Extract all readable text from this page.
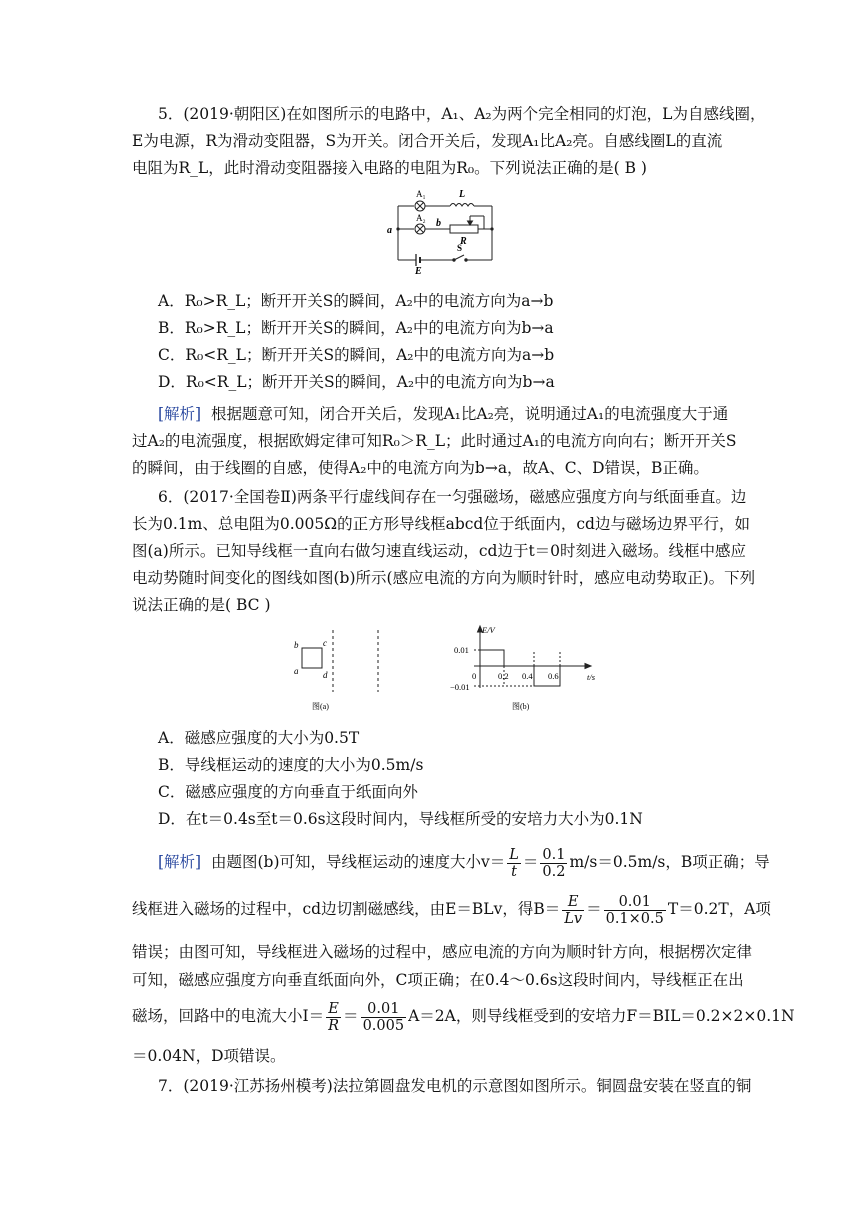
5．(2019·朝阳区)在如图所示的电路中，A₁、A₂为两个完全相同的灯泡，L为自感线圈，
E为电源，R为滑动变阻器，S为开关。闭合开关后，发现A₁比A₂亮。自感线圈L的直流
电阻为R_L，此时滑动变阻器接入电路的电阻为R₀。下列说法正确的是( B )
A₁	L
A₂ b
a
R
E
S
A．R₀>R_L；断开开关S的瞬间，A₂中的电流方向为a→b
B．R₀>R_L；断开开关S的瞬间，A₂中的电流方向为b→a
C．R₀<R_L；断开开关S的瞬间，A₂中的电流方向为a→b
D．R₀<R_L；断开开关S的瞬间，A₂中的电流方向为b→a
[解析] 根据题意可知，闭合开关后，发现A₁比A₂亮，说明通过A₁的电流强度大于通
过A₂的电流强度，根据欧姆定律可知R₀＞R_L；此时通过A₁的电流方向向右；断开开关S
的瞬间，由于线圈的自感，使得A₂中的电流方向为b→a，故A、C、D错误，B正确。
6．(2017·全国卷Ⅱ)两条平行虚线间存在一匀强磁场，磁感应强度方向与纸面垂直。边
长为0.1m、总电阻为0.005Ω的正方形导线框abcd位于纸面内，cd边与磁场边界平行，如
图(a)所示。已知导线框一直向右做匀速直线运动，cd边于t＝0时刻进入磁场。线框中感应
电动势随时间变化的图线如图(b)所示(感应电流的方向为顺时针时，感应电动势取正)。下列
说法正确的是( BC )
b	c
a	d
图(a)
E/V
t/s
0.01
−0.01
0	0.2 0.4 0.6
图(b)
A．磁感应强度的大小为0.5T
B．导线框运动的速度的大小为0.5m/s
C．磁感应强度的方向垂直于纸面向外
D．在t＝0.4s至t＝0.6s这段时间内，导线框所受的安培力大小为0.1N
[解析] 由题图(b)可知，导线框运动的速度大小$v= \frac{L}{t} = \frac{0.1}{0.2} m/s=0.5m/s$，B项正确；导
线框进入磁场的过程中，cd边切割磁感线，由E＝BLv，得$B= \frac{E}{Lv} = \frac{0.01}{0.1\times 0.5} T=0.2T$，A项
错误；由图可知，导线框进入磁场的过程中，感应电流的方向为顺时针方向，根据楞次定律
可知，磁感应强度方向垂直纸面向外，C项正确；在0.4～0.6s这段时间内，导线框正在出
磁场，回路中的电流大小$I= \frac{E}{R} = \frac{0.01}{0.005} A=2A$，则导线框受到的安培力F＝BIL＝0.2×2×0.1N
＝0.04N，D项错误。
7．(2019·江苏扬州模考)法拉第圆盘发电机的示意图如图所示。铜圆盘安装在竖直的铜
